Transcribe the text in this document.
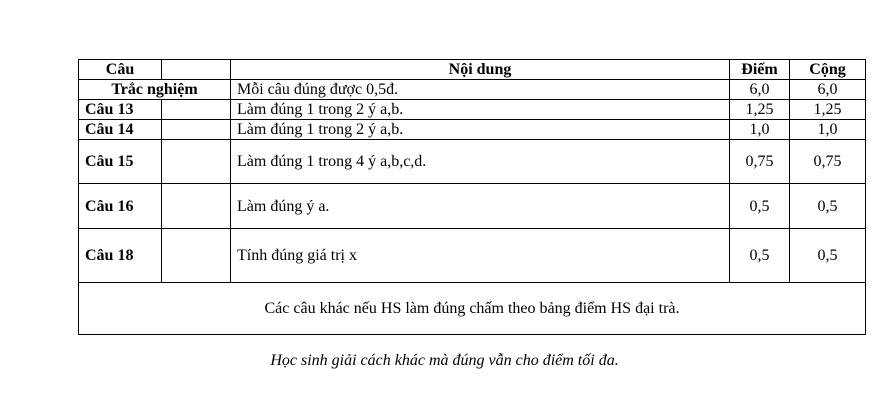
Câu		Nội dung	Điểm	Cộng
Trắc nghiệm		Mỗi câu đúng được 0,5đ.	6,0	6,0
Câu 13		Làm đúng 1 trong 2 ý a,b.	1,25	1,25
Câu 14		Làm đúng 1 trong 2 ý a,b.	1,0	1,0
Câu 15		Làm đúng 1 trong 4 ý a,b,c,d.	0,75	0,75
Câu 16		Làm đúng ý a.	0,5	0,5
Câu 18		Tính đúng giá trị x	0,5	0,5
Các câu khác nếu HS làm đúng chấm theo bảng điểm HS đại trà.				
Học sinh giải cách khác mà đúng vẫn cho điểm tối đa.
